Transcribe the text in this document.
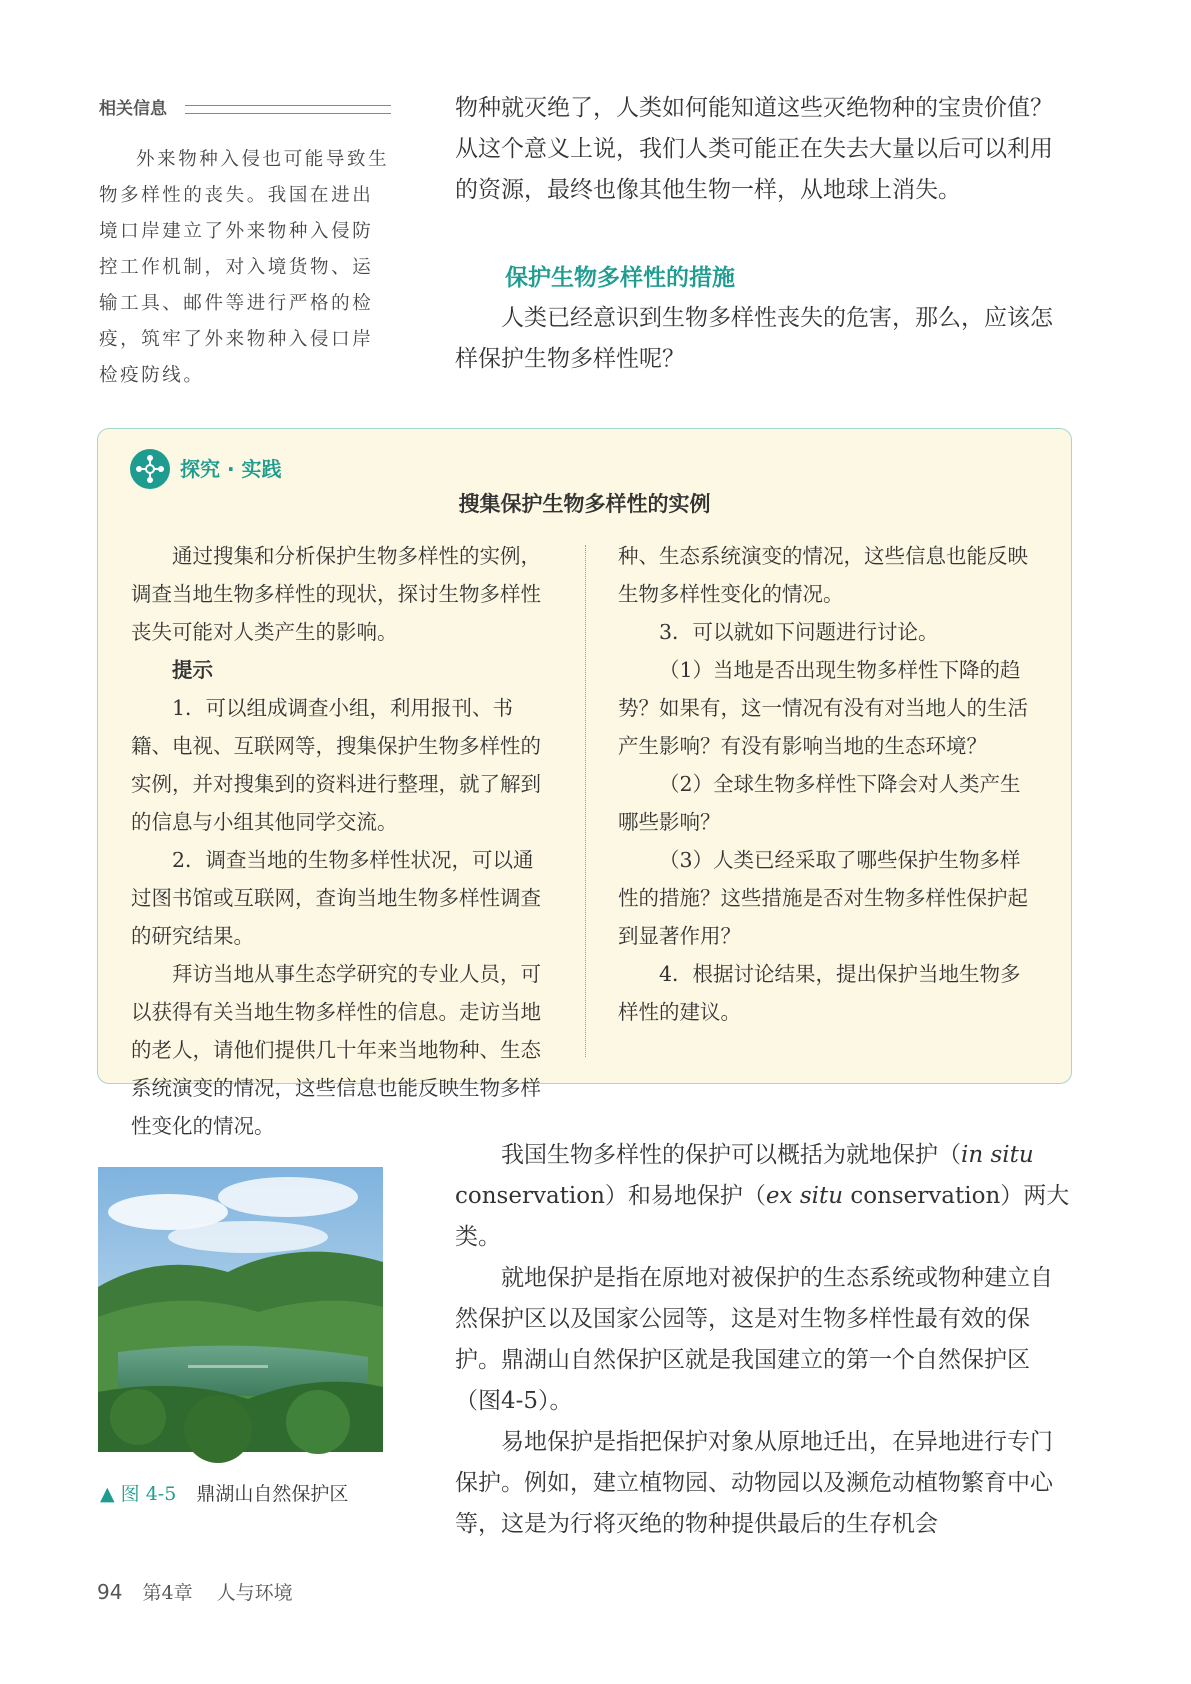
相关信息

外来物种入侵也可能导致生物多样性的丧失。我国在进出境口岸建立了外来物种入侵防控工作机制，对入境货物、运输工具、邮件等进行严格的检疫，筑牢了外来物种入侵口岸检疫防线。

物种就灭绝了，人类如何能知道这些灭绝物种的宝贵价值？从这个意义上说，我们人类可能正在失去大量以后可以利用的资源，最终也像其他生物一样，从地球上消失。

保护生物多样性的措施

人类已经意识到生物多样性丧失的危害，那么，应该怎样保护生物多样性呢？

探究 · 实践
搜集保护生物多样性的实例

通过搜集和分析保护生物多样性的实例，调查当地生物多样性的现状，探讨生物多样性丧失可能对人类产生的影响。

提示

1．可以组成调查小组，利用报刊、书籍、电视、互联网等，搜集保护生物多样性的实例，并对搜集到的资料进行整理，就了解到的信息与小组其他同学交流。

2．调查当地的生物多样性状况，可以通过图书馆或互联网，查询当地生物多样性调查的研究结果。

拜访当地从事生态学研究的专业人员，可以获得有关当地生物多样性的信息。走访当地的老人，请他们提供几十年来当地物种、生态系统演变的情况，这些信息也能反映生物多样性变化的情况。

种、生态系统演变的情况，这些信息也能反映生物多样性变化的情况。

3．可以就如下问题进行讨论。

（1）当地是否出现生物多样性下降的趋势？如果有，这一情况有没有对当地人的生活产生影响？有没有影响当地的生态环境？

（2）全球生物多样性下降会对人类产生哪些影响？

（3）人类已经采取了哪些保护生物多样性的措施？这些措施是否对生物多样性保护起到显著作用？

4．根据讨论结果，提出保护当地生物多样性的建议。

我国生物多样性的保护可以概括为就地保护（in situ conservation）和易地保护（ex situ conservation）两大类。

就地保护是指在原地对被保护的生态系统或物种建立自然保护区以及国家公园等，这是对生物多样性最有效的保护。鼎湖山自然保护区就是我国建立的第一个自然保护区（图4-5）。

易地保护是指把保护对象从原地迁出，在异地进行专门保护。例如，建立植物园、动物园以及濒危动植物繁育中心等，这是为行将灭绝的物种提供最后的生存机会

▲ 图 4-5 鼎湖山自然保护区
94 第4章 人与环境
